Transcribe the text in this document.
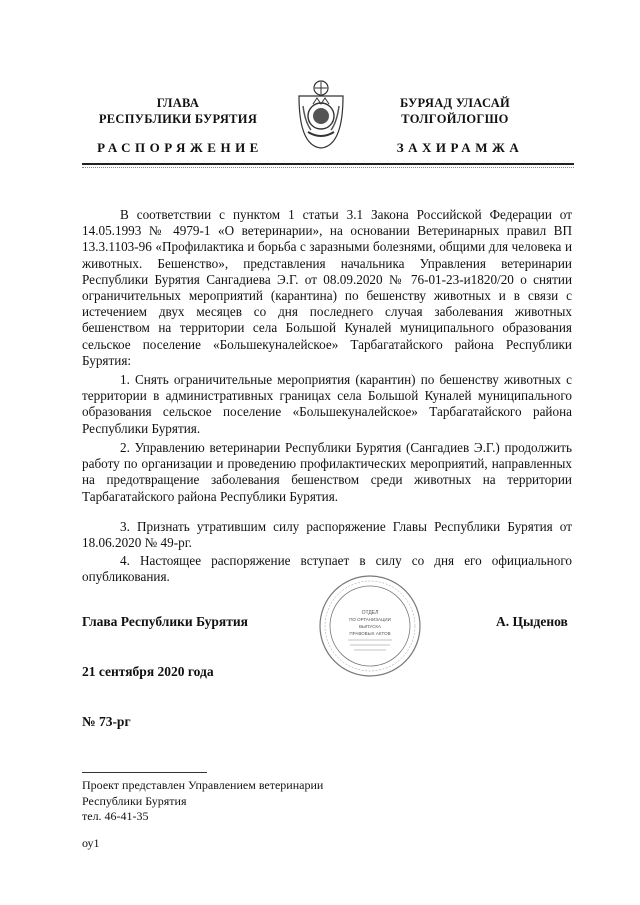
ГЛАВА
РЕСПУБЛИКИ БУРЯТИЯ
РАСПОРЯЖЕНИЕ
БУРЯАД УЛАСАЙ
ТОЛГОЙЛОГШО
ЗАХИРАМЖА

В соответствии с пунктом 1 статьи 3.1 Закона Российской Федерации от 14.05.1993 № 4979-1 «О ветеринарии», на основании Ветеринарных правил ВП 13.3.1103-96 «Профилактика и борьба с заразными болезнями, общими для человека и животных. Бешенство», представления начальника Управления ветеринарии Республики Бурятия Сангадиева Э.Г. от 08.09.2020 № 76-01-23-и1820/20 о снятии ограничительных мероприятий (карантина) по бешенству животных и в связи с истечением двух месяцев со дня последнего случая заболевания животных бешенством на территории села Большой Куналей муниципального образования сельское поселение «Большекуналейское» Тарбагатайского района Республики Бурятия:

1. Снять ограничительные мероприятия (карантин) по бешенству животных с территории в административных границах села Большой Куналей муниципального образования сельское поселение «Большекуналейское» Тарбагатайского района Республики Бурятия.

2. Управлению ветеринарии Республики Бурятия (Сангадиев Э.Г.) продолжить работу по организации и проведению профилактических мероприятий, направленных на предотвращение заболевания бешенством среди животных на территории Тарбагатайского района Республики Бурятия.

3. Признать утратившим силу распоряжение Главы Республики Бурятия от 18.06.2020 № 49-рг.

4. Настоящее распоряжение вступает в силу со дня его официального опубликования.

Глава Республики Бурятия
ОТДЕЛ
ПО ОРГАНИЗАЦИИ
ВЫПУСКА
ПРАВОВЫХ АКТОВ
А. Цыденов
21 сентября 2020 года
№ 73-рг
Проект представлен Управлением ветеринарии
Республики Бурятия
тел. 46-41-35
оу1
